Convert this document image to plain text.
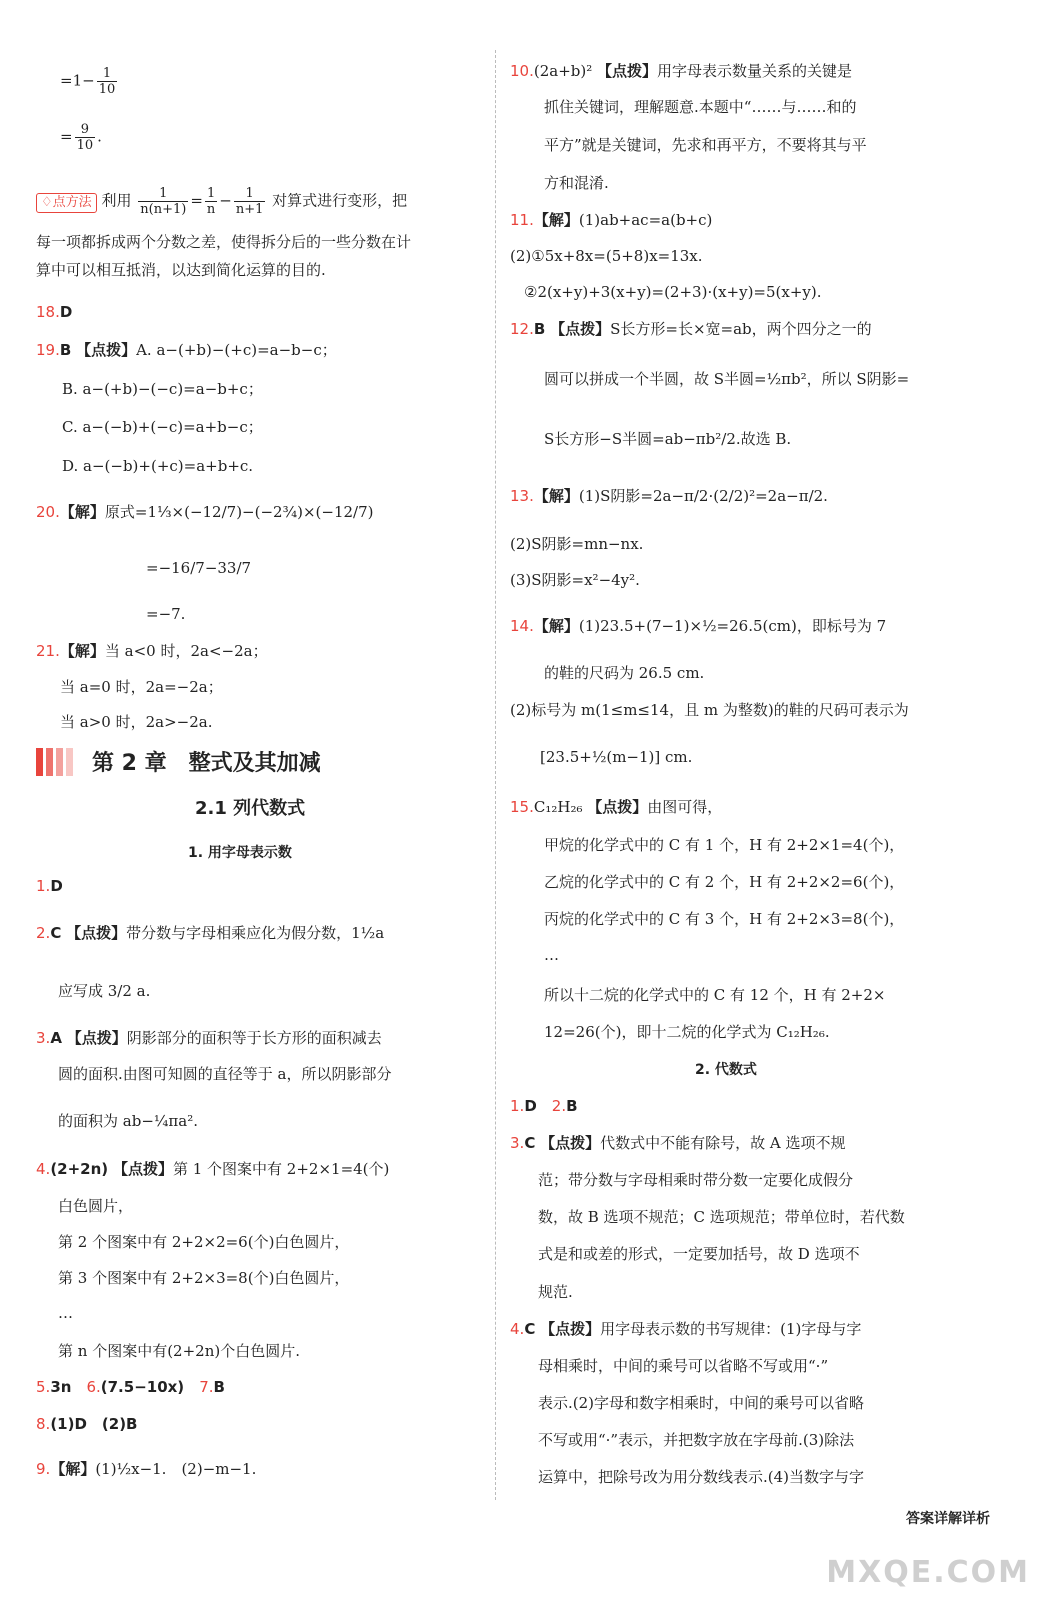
$=1- \frac{1}{10}$
= $\frac{9}{10}$ .
♢点方法 利用 $\frac{1}{n(n+1)} = \frac{1}{n} - \frac{1}{n+1}$ 对算式进行变形，把
每一项都拆成两个分数之差，使得拆分后的一些分数在计
算中可以相互抵消，以达到简化运算的目的.
18.D
19.B 【点拨】A. a−(+b)−(+c)=a−b−c；
B. a−(+b)−(−c)=a−b+c；
C. a−(−b)+(−c)=a+b−c；
D. a−(−b)+(+c)=a+b+c.
20.【解】原式=1⅓×(−12/7)−(−2¾)×(−12/7)
=−16/7−33/7
=−7.
21.【解】当 a<0 时，2a<−2a；
当 a=0 时，2a=−2a；
当 a>0 时，2a>−2a.
第 2 章　整式及其加减
2.1 列代数式
1. 用字母表示数
1.D
2.C 【点拨】带分数与字母相乘应化为假分数，1½a
应写成 3/2 a.
3.A 【点拨】阴影部分的面积等于长方形的面积减去
圆的面积.由图可知圆的直径等于 a，所以阴影部分
的面积为 ab−¼πa².
4.(2+2n) 【点拨】第 1 个图案中有 2+2×1=4(个)
白色圆片，
第 2 个图案中有 2+2×2=6(个)白色圆片，
第 3 个图案中有 2+2×3=8(个)白色圆片，
…
第 n 个图案中有(2+2n)个白色圆片.
5.3n　 6.(7.5−10x)　 7.B
8.(1)D　(2)B
9.【解】(1)½x−1.　(2)−m−1.
10.(2a+b)² 【点拨】用字母表示数量关系的关键是
抓住关键词，理解题意.本题中“……与……和的
平方”就是关键词，先求和再平方，不要将其与平
方和混淆.
11.【解】(1)ab+ac=a(b+c)
(2)①5x+8x=(5+8)x=13x.
②2(x+y)+3(x+y)=(2+3)·(x+y)=5(x+y).
12.B 【点拨】S长方形=长×宽=ab，两个四分之一的
圆可以拼成一个半圆，故 S半圆=½πb²，所以 S阴影=
S长方形−S半圆=ab−πb²/2.故选 B.
13.【解】(1)S阴影=2a−π/2·(2/2)²=2a−π/2.
(2)S阴影=mn−nx.
(3)S阴影=x²−4y².
14.【解】(1)23.5+(7−1)×½=26.5(cm)，即标号为 7
的鞋的尺码为 26.5 cm.
(2)标号为 m(1≤m≤14，且 m 为整数)的鞋的尺码可表示为
[23.5+½(m−1)] cm.
15.C₁₂H₂₆ 【点拨】由图可得，
甲烷的化学式中的 C 有 1 个，H 有 2+2×1=4(个)，
乙烷的化学式中的 C 有 2 个，H 有 2+2×2=6(个)，
丙烷的化学式中的 C 有 3 个，H 有 2+2×3=8(个)，
…
所以十二烷的化学式中的 C 有 12 个，H 有 2+2×
12=26(个)，即十二烷的化学式为 C₁₂H₂₆.
2. 代数式
1.D　 2.B
3.C 【点拨】代数式中不能有除号，故 A 选项不规
范；带分数与字母相乘时带分数一定要化成假分
数，故 B 选项不规范；C 选项规范；带单位时，若代数
式是和或差的形式，一定要加括号，故 D 选项不
规范.
4.C 【点拨】用字母表示数的书写规律：(1)字母与字
母相乘时，中间的乘号可以省略不写或用“·”
表示.(2)字母和数字相乘时，中间的乘号可以省略
不写或用“·”表示，并把数字放在字母前.(3)除法
运算中，把除号改为用分数线表示.(4)当数字与字
答案详解详析
MXQE.COM
